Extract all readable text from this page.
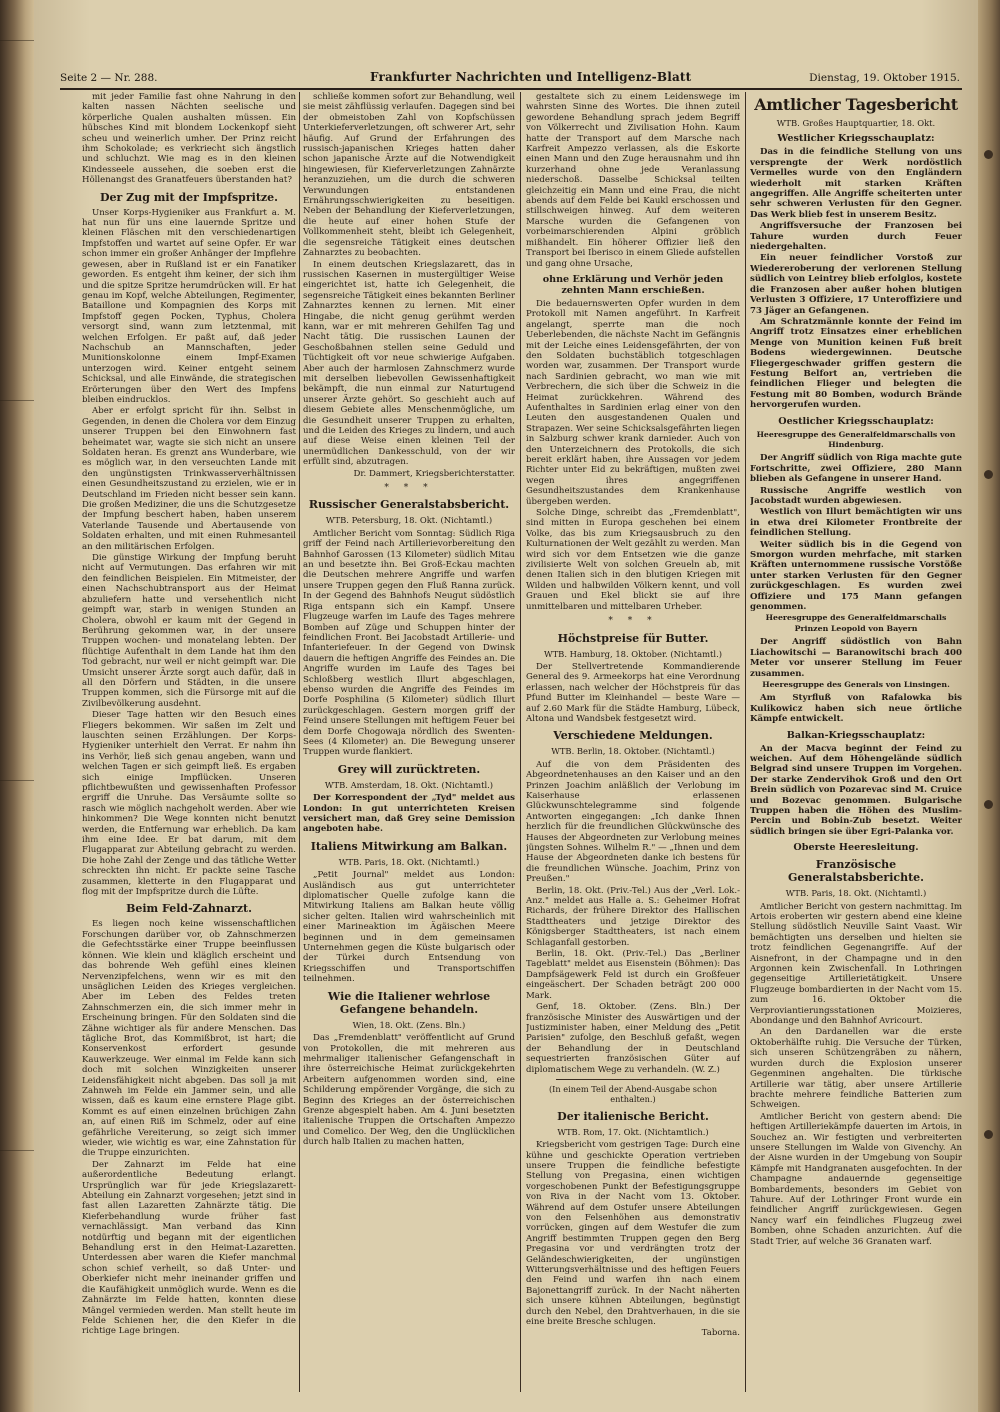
Seite 2 — Nr. 288.	Frankfurter Nachrichten und Intelligenz-Blatt	Dienstag, 19. Oktober 1915.

mit jeder Familie fast ohne Nahrung in den kalten nassen Nächten seelische und körperliche Qualen aushalten müssen. Ein hübsches Kind mit blondem Lockenkopf sieht scheu und weinerlich umher. Der Prinz reicht ihm Schokolade; es verkriecht sich ängstlich und schluchzt. Wie mag es in den kleinen Kindesseele aussehen, die soeben erst die Höllenangst des Granatfeuers überstanden hat?

Der Zug mit der Impfspritze.

Unser Korps-Hygieniker aus Frankfurt a. M. hat nun für uns eine lauernde Spritze und kleinen Fläschen mit den verschiedenartigen Impfstoffen und wartet auf seine Opfer. Er war schon immer ein großer Anhänger der Impflehre gewesen, aber in Rußland ist er ein Fanatiker geworden. Es entgeht ihm keiner, der sich ihm und die spitze Spritze herumdrücken will. Er hat genau im Kopf, welche Abteilungen, Regimenter, Bataillone und Kompagnien des Korps mit Impfstoff gegen Pocken, Typhus, Cholera versorgt sind, wann zum letztenmal, mit welchen Erfolgen. Er paßt auf, daß jeder Nachschub an Mannschaften, jeder Munitionskolonne einem Impf-Examen unterzogen wird. Keiner entgeht seinem Schicksal, und alle Einwände, die strategischen Erörterungen über den Wert des Impfens bleiben eindrucklos.

Aber er erfolgt spricht für ihn. Selbst in Gegenden, in denen die Cholera vor dem Einzug unserer Truppen bei den Einwohnern fast beheimatet war, wagte sie sich nicht an unsere Soldaten heran. Es grenzt ans Wunderbare, wie es möglich war, in den verseuchten Lande mit den ungünstigsten Trinkwasserverhältnissen einen Gesundheitszustand zu erzielen, wie er in Deutschland im Frieden nicht besser sein kann. Die großen Mediziner, die uns die Schutzgesetze der Impfung beschert haben, haben unserem Vaterlande Tausende und Abertausende von Soldaten erhalten, und mit einen Ruhmesanteil an den militärischen Erfolgen.

Die günstige Wirkung der Impfung beruht nicht auf Vermutungen. Das erfahren wir mit den feindlichen Beispielen. Ein Mitmeister, der einen Nachschubtransport aus der Heimat abzuliefern hatte und versehentlich nicht geimpft war, starb in wenigen Stunden an Cholera, obwohl er kaum mit der Gegend in Berührung gekommen war, in der unsere Truppen wochen- und monatelang lebten. Der flüchtige Aufenthalt in dem Lande hat ihm den Tod gebracht, nur weil er nicht geimpft war. Die Umsicht unserer Ärzte sorgt auch dafür, daß in all den Dörfern und Städten, in die unsere Truppen kommen, sich die Fürsorge mit auf die Zivilbevölkerung ausdehnt.

Dieser Tage hatten wir den Besuch eines Fliegers bekommen. Wir saßen im Zelt und lauschten seinen Erzählungen. Der Korps-Hygieniker unterhielt den Verrat. Er nahm ihn ins Verhör, ließ sich genau angeben, wann und welchen Tagen er sich geimpft ließ. Es ergaben sich einige Impflücken. Unseren pflichtbewußten und gewissenhaften Professor ergriff die Unruhe. Das Versäumte sollte so rasch wie möglich nachgeholt werden. Aber wie hinkommen? Die Wege konnten nicht benutzt werden, die Entfernung war erheblich. Da kam ihm eine Idee. Er bat darum, mit dem Flugapparat zur Abteilung gebracht zu werden. Die hohe Zahl der Zenge und das tätliche Wetter schreckten ihn nicht. Er packte seine Tasche zusammen, kletterte in den Flugapparat und flog mit der Impfspritze durch die Lüfte.

Beim Feld-Zahnarzt.

Es liegen noch keine wissenschaftlichen Forschungen darüber vor, ob Zahnschmerzen die Gefechtsstärke einer Truppe beeinflussen können. Wie klein und kläglich erscheint und das bohrende Weh gefühl eines kleinen Nervenzipfelchens, wenn wir es mit den unsäglichen Leiden des Krieges vergleichen. Aber im Leben des Feldes treten Zahnschmerzen ein, die sich immer mehr in Erscheinung bringen. Für den Soldaten sind die Zähne wichtiger als für andere Menschen. Das tägliche Brot, das Kommißbrot, ist hart; die Konservenkost erfordert gesunde Kauwerkzeuge. Wer einmal im Felde kann sich doch mit solchen Winzigkeiten unserer Leidensfähigkeit nicht abgeben. Das soll ja mit Zahnweh im Felde ein Jammer sein, und alle wissen, daß es kaum eine ernstere Plage gibt. Kommt es auf einen einzelnen brüchigen Zahn an, auf einen Riß im Schmelz, oder auf eine gefährliche Vereiterung, so zeigt sich immer wieder, wie wichtig es war, eine Zahnstation für die Truppe einzurichten.

Der Zahnarzt im Felde hat eine außerordentliche Bedeutung erlangt. Ursprünglich war für jede Kriegslazarett-Abteilung ein Zahnarzt vorgesehen; jetzt sind in fast allen Lazaretten Zahnärzte tätig. Die Kieferbehandlung wurde früher fast vernachlässigt. Man verband das Kinn notdürftig und begann mit der eigentlichen Behandlung erst in den Heimat-Lazaretten. Unterdessen aber waren die Kiefer manchmal schon schief verheilt, so daß Unter- und Oberkiefer nicht mehr ineinander griffen und die Kaufähigkeit unmöglich wurde. Wenn es die Zahnärzte im Felde hatten, konnten diese Mängel vermieden werden. Man stellt heute im Felde Schienen her, die den Kiefer in die richtige Lage bringen.

schließe kommen sofort zur Behandlung, weil sie meist zähflüssig verlaufen. Dagegen sind bei der obmeistoben Zahl von Kopfschüssen Unterkieferverletzungen, oft schwerer Art, sehr häufig. Auf Grund der Erfahrungen des russisch-japanischen Krieges hatten daher schon japanische Ärzte auf die Notwendigkeit hingewiesen, für Kieferverletzungen Zahnärzte heranzuziehen, um die durch die schweren Verwundungen entstandenen Ernährungsschwierigkeiten zu beseitigen. Neben der Behandlung der Kieferverletzungen, die heute auf einer hohen Stufe der Vollkommenheit steht, bleibt ich Gelegenheit, die segensreiche Tätigkeit eines deutschen Zahnarztes zu beobachten.

In einem deutschen Kriegslazarett, das in russischen Kasernen in mustergültiger Weise eingerichtet ist, hatte ich Gelegenheit, die segensreiche Tätigkeit eines bekannten Berliner Zahnarztes kennen zu lernen. Mit einer Hingabe, die nicht genug gerühmt werden kann, war er mit mehreren Gehilfen Tag und Nacht tätig. Die russischen Launen der Geschoßbahnen stellen seine Geduld und Tüchtigkeit oft vor neue schwierige Aufgaben. Aber auch der harmlosen Zahnschmerz wurde mit derselben liebevollen Gewissenhaftigkeit bekämpft, die nun einmal zur Naturtugend unserer Ärzte gehört. So geschieht auch auf diesem Gebiete alles Menschenmögliche, um die Gesundheit unserer Truppen zu erhalten, und die Leiden des Krieges zu lindern, und auch auf diese Weise einen kleinen Teil der unermüdlichen Dankesschuld, von der wir erfüllt sind, abzutragen.

Dr. Dammert, Kriegsberichterstatter.
* * *
Russischer Generalstabsbericht.
WTB. Petersburg, 18. Okt. (Nichtamtl.)

Amtlicher Bericht vom Sonntag: Südlich Riga griff der Feind nach Artillerievorbereitung den Bahnhof Garossen (13 Kilometer) südlich Mitau an und besetzte ihn. Bei Groß-Eckau machten die Deutschen mehrere Angriffe und warfen unsere Truppen gegen den Fluß Ranna zurück. In der Gegend des Bahnhofs Neugut südöstlich Riga entspann sich ein Kampf. Unsere Flugzeuge warfen im Laufe des Tages mehrere Bomben auf Züge und Schuppen hinter der feindlichen Front. Bei Jacobstadt Artillerie- und Infanteriefeuer. In der Gegend von Dwinsk dauern die heftigen Angriffe des Feindes an. Die Angriffe wurden im Laufe des Tages bei Schloßberg westlich Illurt abgeschlagen, ebenso wurden die Angriffe des Feindes im Dorfe Posphilina (5 Kilometer) südlich Illurt zurückgeschlagen. Gestern morgen griff der Feind unsere Stellungen mit heftigem Feuer bei dem Dorfe Chogowaja nördlich des Swenten-Sees (4 Kilometer) an. Die Bewegung unserer Truppen wurde flankiert.

Grey will zurücktreten.
WTB. Amsterdam, 18. Okt. (Nichtamtl.)

Der Korrespondent der „Tyd" meldet aus London: In gut unterrichteten Kreisen versichert man, daß Grey seine Demission angeboten habe.

Italiens Mitwirkung am Balkan.
WTB. Paris, 18. Okt. (Nichtamtl.)

„Petit Journal" meldet aus London: Ausländisch aus gut unterrichteter diplomatischer Quelle zufolge kann die Mitwirkung Italiens am Balkan heute völlig sicher gelten. Italien wird wahrscheinlich mit einer Marineaktion im Ägäischen Meere beginnen und in dem gemeinsamen Unternehmen gegen die Küste bulgarisch oder der Türkei durch Entsendung von Kriegsschiffen und Transportschiffen teilnehmen.

Wie die Italiener wehrlose Gefangene behandeln.
Wien, 18. Okt. (Zens. Bln.)

Das „Fremdenblatt" veröffentlicht auf Grund von Protokollen, die mit mehreren aus mehrmaliger italienischer Gefangenschaft in ihre österreichische Heimat zurückgekehrten Arbeitern aufgenommen worden sind, eine Schilderung empörender Vorgänge, die sich zu Beginn des Krieges an der österreichischen Grenze abgespielt haben. Am 4. Juni besetzten italienische Truppen die Ortschaften Ampezzo und Comelico. Der Weg, den die Unglücklichen durch halb Italien zu machen hatten,

gestaltete sich zu einem Leidenswege im wahrsten Sinne des Wortes. Die ihnen zuteil gewordene Behandlung sprach jedem Begriff von Völkerrecht und Zivilisation Hohn. Kaum hatte der Transport auf dem Marsche nach Karfreit Ampezzo verlassen, als die Eskorte einen Mann und den Zuge herausnahm und ihn kurzerhand ohne jede Veranlassung niederschoß. Dasselbe Schicksal teilten gleichzeitig ein Mann und eine Frau, die nicht abends auf dem Felde bei Kaukl erschossen und stillschweigen hinweg. Auf dem weiteren Marsche wurden die Gefangenen von vorbeimarschierenden Alpini gröblich mißhandelt. Ein höherer Offizier ließ den Transport bei Iberisco in einem Gliede aufstellen und gang ohne Ursache,

ohne Erklärung und Verhör jeden zehnten Mann erschießen.

Die bedauernswerten Opfer wurden in dem Protokoll mit Namen angeführt. In Karfreit angelangt, sperrte man die noch Ueberlebenden, die nächste Nacht im Gefängnis mit der Leiche eines Leidensgefährten, der von den Soldaten buchstäblich totgeschlagen worden war, zusammen. Der Transport wurde nach Sardinien gebracht, wo man wie mit Verbrechern, die sich über die Schweiz in die Heimat zurückkehren. Während des Aufenthaltes in Sardinien erlag einer von den Leuten den ausgestandenen Qualen und Strapazen. Wer seine Schicksalsgefährten liegen in Salzburg schwer krank darnieder. Auch von den Unterzeichnern des Protokolls, die sich bereit erklärt haben, ihre Aussagen vor jedem Richter unter Eid zu bekräftigen, mußten zwei wegen ihres angegriffenen Gesundheitszustandes dem Krankenhause übergeben werden.

Solche Dinge, schreibt das „Fremdenblatt", sind mitten in Europa geschehen bei einem Volke, das bis zum Kriegsausbruch zu den Kulturnationen der Welt gezählt zu werden. Man wird sich vor dem Entsetzen wie die ganze zivilisierte Welt von solchen Greueln ab, mit denen Italien sich in den blutigen Kriegen mit Wilden und halbwilden Völkern kennt, und voll Grauen und Ekel blickt sie auf ihre unmittelbaren und mittelbaren Urheber.

* * *
Höchstpreise für Butter.
WTB. Hamburg, 18. Oktober. (Nichtamtl.)

Der Stellvertretende Kommandierende General des 9. Armeekorps hat eine Verordnung erlassen, nach welcher der Höchstpreis für das Pfund Butter im Kleinhandel — beste Ware — auf 2.60 Mark für die Städte Hamburg, Lübeck, Altona und Wandsbek festgesetzt wird.

Verschiedene Meldungen.
WTB. Berlin, 18. Oktober. (Nichtamtl.)

Auf die von dem Präsidenten des Abgeordnetenhauses an den Kaiser und an den Prinzen Joachim anläßlich der Verlobung im Kaiserhause erlassenen Glückwunschtelegramme sind folgende Antworten eingegangen: „Ich danke Ihnen herzlich für die freundlichen Glückwünsche des Hauses der Abgeordneten zur Verlobung meines jüngsten Sohnes. Wilhelm R." — „Ihnen und dem Hause der Abgeordneten danke ich bestens für die freundlichen Wünsche. Joachim, Prinz von Preußen."

Berlin, 18. Okt. (Priv.-Tel.) Aus der „Verl. Lok.-Anz." meldet aus Halle a. S.: Geheimer Hofrat Richards, der frühere Direktor des Hallischen Stadttheaters und jetzige Direktor des Königsberger Stadttheaters, ist nach einem Schlaganfall gestorben.

Berlin, 18. Okt. (Priv.-Tel.) Das „Berliner Tageblatt" meldet aus Eisenstein (Böhmen): Das Dampfsägewerk Feld ist durch ein Großfeuer eingeäschert. Der Schaden beträgt 200 000 Mark.

Genf, 18. Oktober. (Zens. Bln.) Der französische Minister des Auswärtigen und der Justizminister haben, einer Meldung des „Petit Parisien" zufolge, den Beschluß gefaßt, wegen der Behandlung der in Deutschland sequestrierten französischen Güter auf diplomatischem Wege zu verhandeln. (W. Z.)

(In einem Teil der Abend-Ausgabe schon enthalten.)
Der italienische Bericht.
WTB. Rom, 17. Okt. (Nichtamtlich.)

Kriegsbericht vom gestrigen Tage: Durch eine kühne und geschickte Operation vertrieben unsere Truppen die feindliche befestigte Stellung von Pregasina, einen wichtigen vorgeschobenen Punkt der Befestigungsgruppe von Riva in der Nacht vom 13. Oktober. Während auf dem Ostufer unsere Abteilungen von den Felsenhöhen aus demonstrativ vorrücken, gingen auf dem Westufer die zum Angriff bestimmten Truppen gegen den Berg Pregasina vor und verdrängten trotz der Geländeschwierigkeiten, der ungünstigen Witterungsverhältnisse und des heftigen Feuers den Feind und warfen ihn nach einem Bajonettangriff zurück. In der Nacht näherten sich unsere kühnen Abteilungen, begünstigt durch den Nebel, den Drahtverhauen, in die sie eine breite Bresche schlugen.

Taborna.
Amtlicher Tagesbericht
WTB. Großes Hauptquartier, 18. Okt.
Westlicher Kriegsschauplatz:

Das in die feindliche Stellung von uns versprengte der Werk nordöstlich Vermelles wurde von den Engländern wiederholt mit starken Kräften angegriffen. Alle Angriffe scheiterten unter sehr schweren Verlusten für den Gegner. Das Werk blieb fest in unserem Besitz.

Angriffsversuche der Franzosen bei Tahure wurden durch Feuer niedergehalten.

Ein neuer feindlicher Vorstoß zur Wiedereroberung der verlorenen Stellung südlich von Leintrey blieb erfolglos, kostete die Franzosen aber außer hohen blutigen Verlusten 3 Offiziere, 17 Unteroffiziere und 73 Jäger an Gefangenen.

Am Schratzmännle konnte der Feind im Angriff trotz Einsatzes einer erheblichen Menge von Munition keinen Fuß breit Bodens wiedergewinnen. Deutsche Fliegergeschwader griffen gestern die Festung Belfort an, vertrieben die feindlichen Flieger und belegten die Festung mit 80 Bomben, wodurch Brände hervorgerufen wurden.

Oestlicher Kriegsschauplatz:
Heeresgruppe des Generalfeldmarschalls von Hindenburg.

Der Angriff südlich von Riga machte gute Fortschritte, zwei Offiziere, 280 Mann blieben als Gefangene in unserer Hand.

Russische Angriffe westlich von Jacobstadt wurden abgewiesen.

Westlich von Illurt bemächtigten wir uns in etwa drei Kilometer Frontbreite der feindlichen Stellung.

Weiter südlich bis in die Gegend von Smorgon wurden mehrfache, mit starken Kräften unternommene russische Vorstöße unter starken Verlusten für den Gegner zurückgeschlagen. Es wurden zwei Offiziere und 175 Mann gefangen genommen.

Heeresgruppe des Generalfeldmarschalls Prinzen Leopold von Bayern

Der Angriff südöstlich von Bahn Liachowitschi — Baranowitschi brach 400 Meter vor unserer Stellung im Feuer zusammen.

Heeresgruppe des Generals von Linsingen.

Am Styrfluß von Rafalowka bis Kulikowicz haben sich neue örtliche Kämpfe entwickelt.

Balkan-Kriegsschauplatz:

An der Macva beginnt der Feind zu weichen. Auf dem Höhengelände südlich Belgrad sind unsere Truppen im Vorgehen. Der starke Zendervihok Groß und den Ort Brein südlich von Pozarevac sind M. Cruice und Bozevac genommen. Bulgarische Truppen haben die Höhen des Muslim-Percin und Bobin-Zub besetzt. Weiter südlich bringen sie über Egri-Palanka vor.

Oberste Heeresleitung.
Französische Generalstabsberichte.
WTB. Paris, 18. Okt. (Nichtamtl.)

Amtlicher Bericht von gestern nachmittag. Im Artois eroberten wir gestern abend eine kleine Stellung südöstlich Neuville Saint Vaast. Wir bemächtigten uns derselben und hielten sie trotz feindlichen Gegenangriffe. Auf der Aisnefront, in der Champagne und in den Argonnen kein Zwischenfall. In Lothringen gegenseitige Artillerietätigkeit. Unsere Flugzeuge bombardierten in der Nacht vom 15. zum 16. Oktober die Verproviantierungsstationen Moizieres, Abondange und den Bahnhof Avricourt.

An den Dardanellen war die erste Oktoberhälfte ruhig. Die Versuche der Türken, sich unseren Schützengräben zu nähern, wurden durch die Explosion unserer Gegenminen angehalten. Die türkische Artillerie war tätig, aber unsere Artillerie brachte mehrere feindliche Batterien zum Schweigen.

Amtlicher Bericht von gestern abend: Die heftigen Artilleriekämpfe dauerten im Artois, in Souchez an. Wir festigten und verbreiterten unsere Stellungen im Walde von Givenchy. An der Aisne wurden in der Umgebung von Soupir Kämpfe mit Handgranaten ausgefochten. In der Champagne andauernde gegenseitige Bombardements, besonders im Gebiet von Tahure. Auf der Lothringer Front wurde ein feindlicher Angriff zurückgewiesen. Gegen Nancy warf ein feindliches Flugzeug zwei Bomben, ohne Schaden anzurichten. Auf die Stadt Trier, auf welche 36 Granaten warf.
